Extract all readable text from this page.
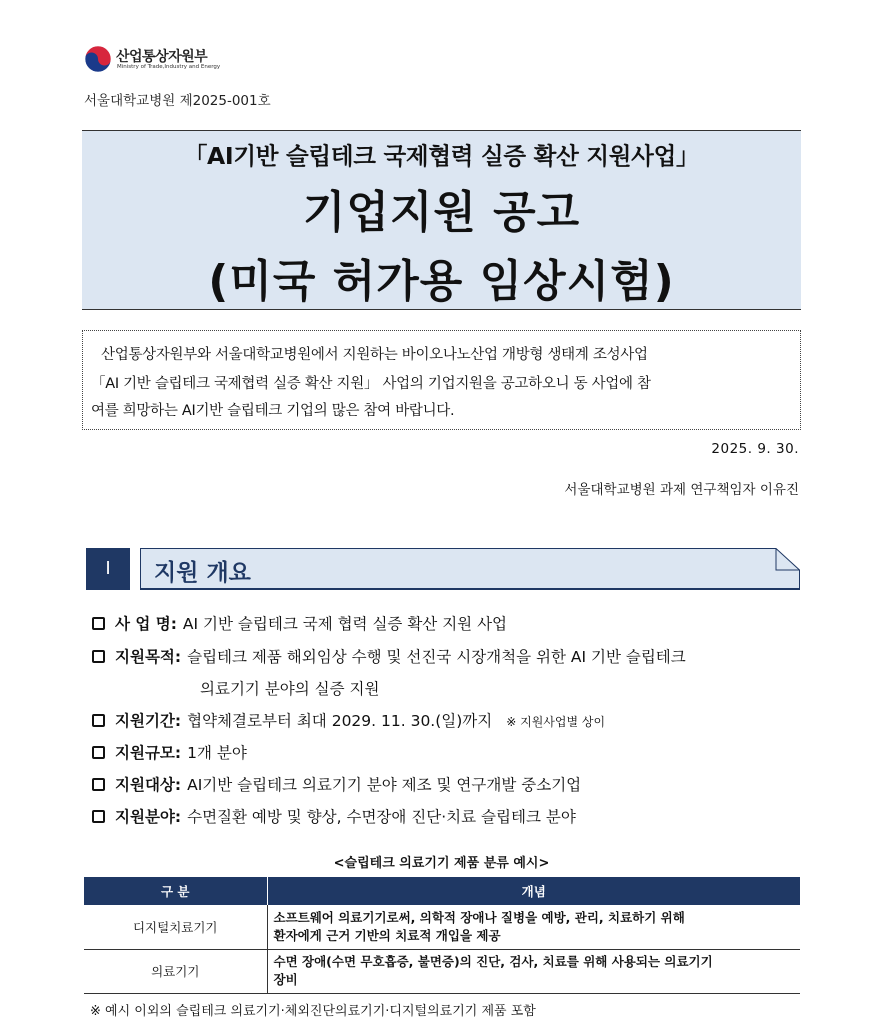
산업통상자원부
Ministry of Trade,Industry and Energy
서울대학교병원 제2025-001호
「AI기반 슬립테크 국제협력 실증 확산 지원사업」
기업지원 공고
(미국 허가용 임상시험)
산업통상자원부와 서울대학교병원에서 지원하는 바이오나노산업 개방형 생태계 조성사업
「AI 기반 슬립테크 국제협력 실증 확산 지원」 사업의 기업지원을 공고하오니 동 사업에 참
여를 희망하는 AI기반 슬립테크 기업의 많은 참여 바랍니다.
2025. 9. 30.
서울대학교병원 과제 연구책임자 이유진
Ⅰ	지원 개요
사 업 명: AI 기반 슬립테크 국제 협력 실증 확산 지원 사업
지원목적: 슬립테크 제품 해외임상 수행 및 선진국 시장개척을 위한 AI 기반 슬립테크
의료기기 분야의 실증 지원
지원기간: 협약체결로부터 최대 2029. 11. 30.(일)까지 ※ 지원사업별 상이
지원규모: 1개 분야
지원대상: AI기반 슬립테크 의료기기 분야 제조 및 연구개발 중소기업
지원분야: 수면질환 예방 및 향상, 수면장애 진단·치료 슬립테크 분야
<슬립테크 의료기기 제품 분류 예시>
구 분	개념
디지털치료기기	소프트웨어 의료기기로써, 의학적 장애나 질병을 예방, 관리, 치료하기 위해
환자에게 근거 기반의 치료적 개입을 제공

의료기기	수면 장애(수면 무호흡증, 불면증)의 진단, 검사, 치료를 위해 사용되는 의료기기
장비
※ 예시 이외의 슬립테크 의료기기·체외진단의료기기·디지털의료기기 제품 포함
